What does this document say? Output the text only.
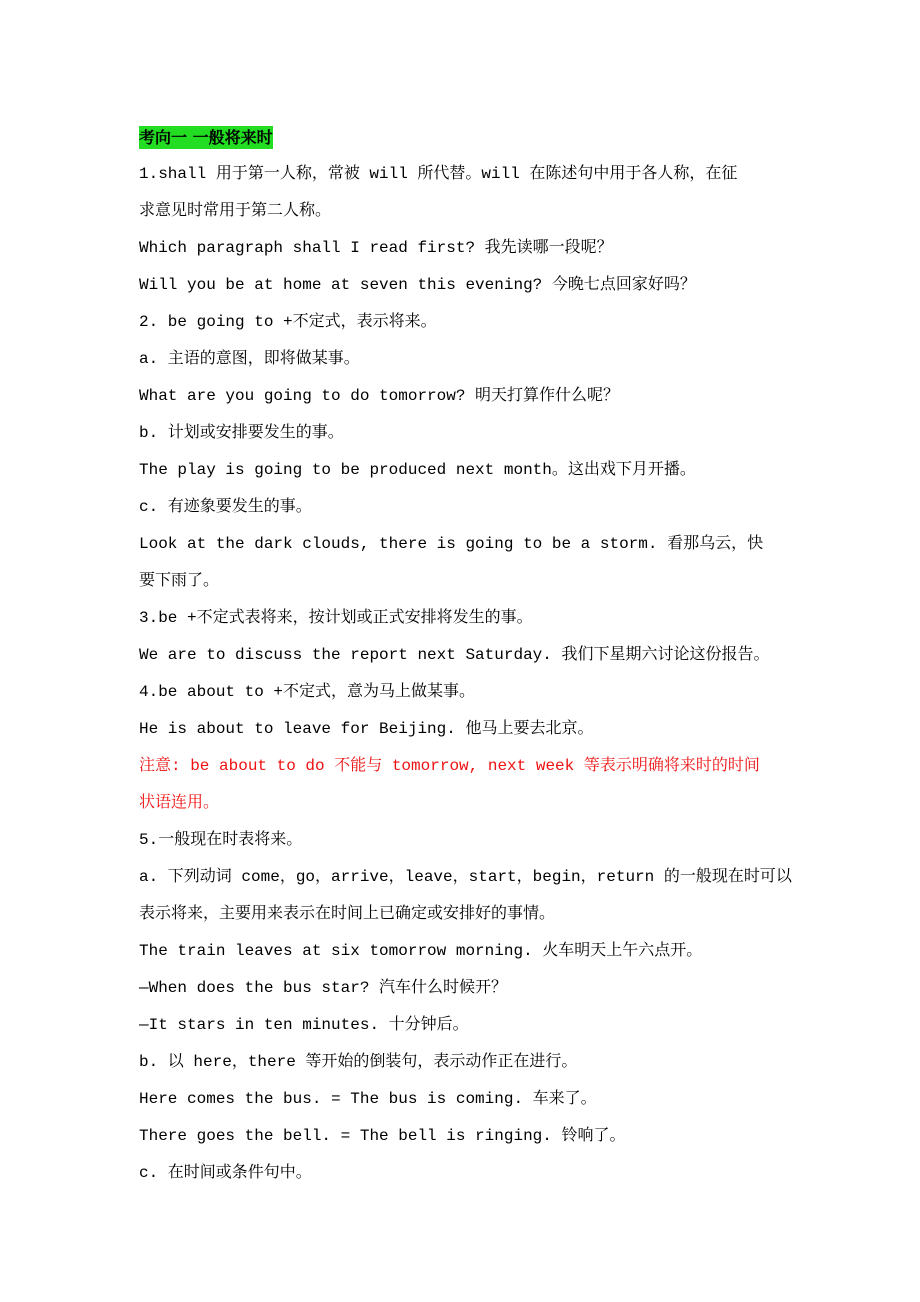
考向一 一般将来时
1.shall 用于第一人称，常被 will 所代替。will 在陈述句中用于各人称，在征
求意见时常用于第二人称。
Which paragraph shall I read first? 我先读哪一段呢？
Will you be at home at seven this evening? 今晚七点回家好吗？
2. be going to +不定式，表示将来。
a. 主语的意图，即将做某事。
What are you going to do tomorrow? 明天打算作什么呢？
b. 计划或安排要发生的事。
The play is going to be produced next month。这出戏下月开播。
c. 有迹象要发生的事。
Look at the dark clouds, there is going to be a storm. 看那乌云，快
要下雨了。
3.be +不定式表将来，按计划或正式安排将发生的事。
We are to discuss the report next Saturday. 我们下星期六讨论这份报告。
4.be about to +不定式，意为马上做某事。
He is about to leave for Beijing. 他马上要去北京。
注意: be about to do 不能与 tomorrow, next week 等表示明确将来时的时间
状语连用。
5.一般现在时表将来。
a. 下列动词 come，go，arrive，leave，start，begin，return 的一般现在时可以
表示将来，主要用来表示在时间上已确定或安排好的事情。
The train leaves at six tomorrow morning. 火车明天上午六点开。
—When does the bus star? 汽车什么时候开？
—It stars in ten minutes. 十分钟后。
b. 以 here，there 等开始的倒装句，表示动作正在进行。
Here comes the bus. = The bus is coming. 车来了。
There goes the bell. = The bell is ringing. 铃响了。
c. 在时间或条件句中。
